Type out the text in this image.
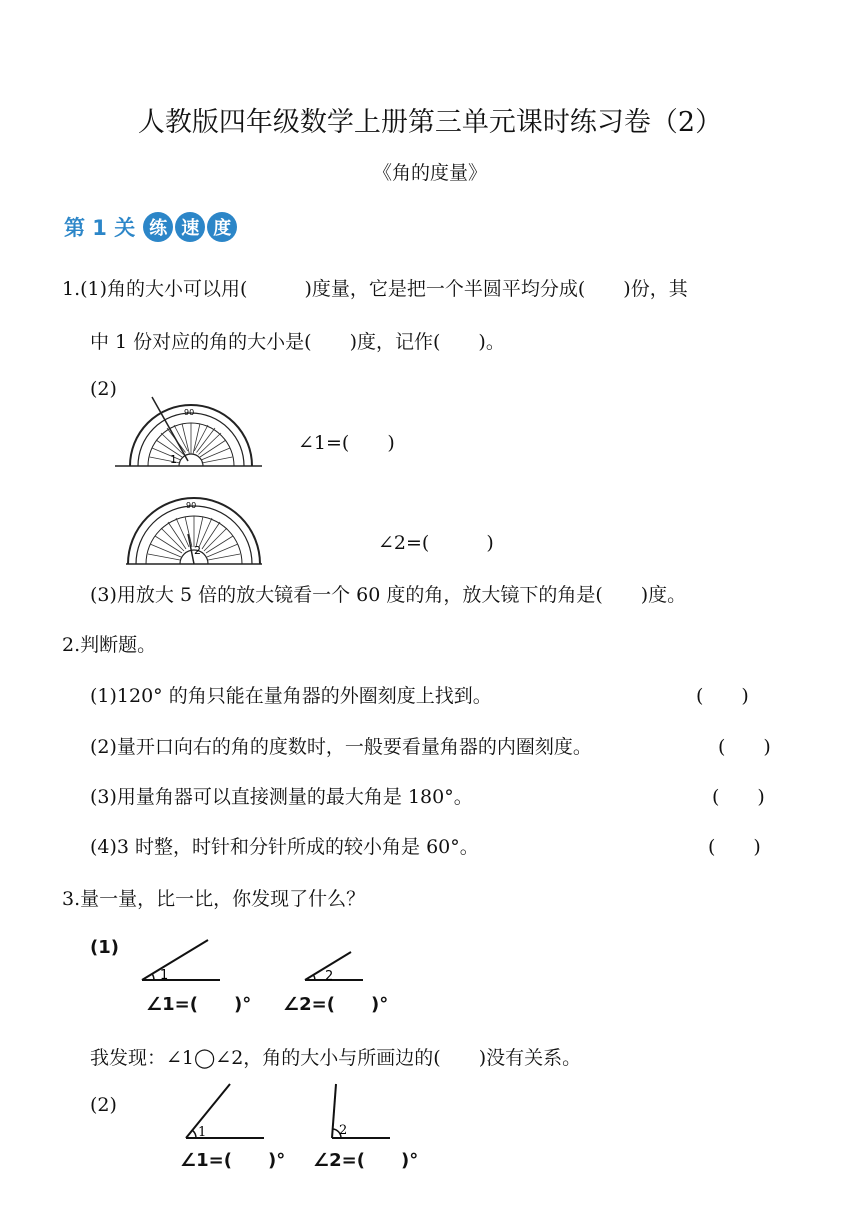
人教版四年级数学上册第三单元课时练习卷（2）
《角的度量》
第 1 关 练 速 度
1.(1)角的大小可以用(　　　)度量，它是把一个半圆平均分成(　　)份，其
中 1 份对应的角的大小是(　　)度，记作(　　)。
(2)
90
1
∠1=(　　)
90
2	∠2=(　　　)
(3)用放大 5 倍的放大镜看一个 60 度的角，放大镜下的角是(　　)度。
2.判断题。
(1)120° 的角只能在量角器的外圈刻度上找到。	(　　)
(2)量开口向右的角的度数时，一般要看量角器的内圈刻度。	(　　)
(3)用量角器可以直接测量的最大角是 180°。	(　　)
(4)3 时整，时针和分针所成的较小角是 60°。	(　　)
3.量一量，比一比，你发现了什么？
(1)
1
∠1=(　　)°
2
∠2=(　　)°
我发现：∠1◯∠2，角的大小与所画边的(　　)没有关系。
(2)
1
∠1=(　　)°
2
∠2=(　　)°
